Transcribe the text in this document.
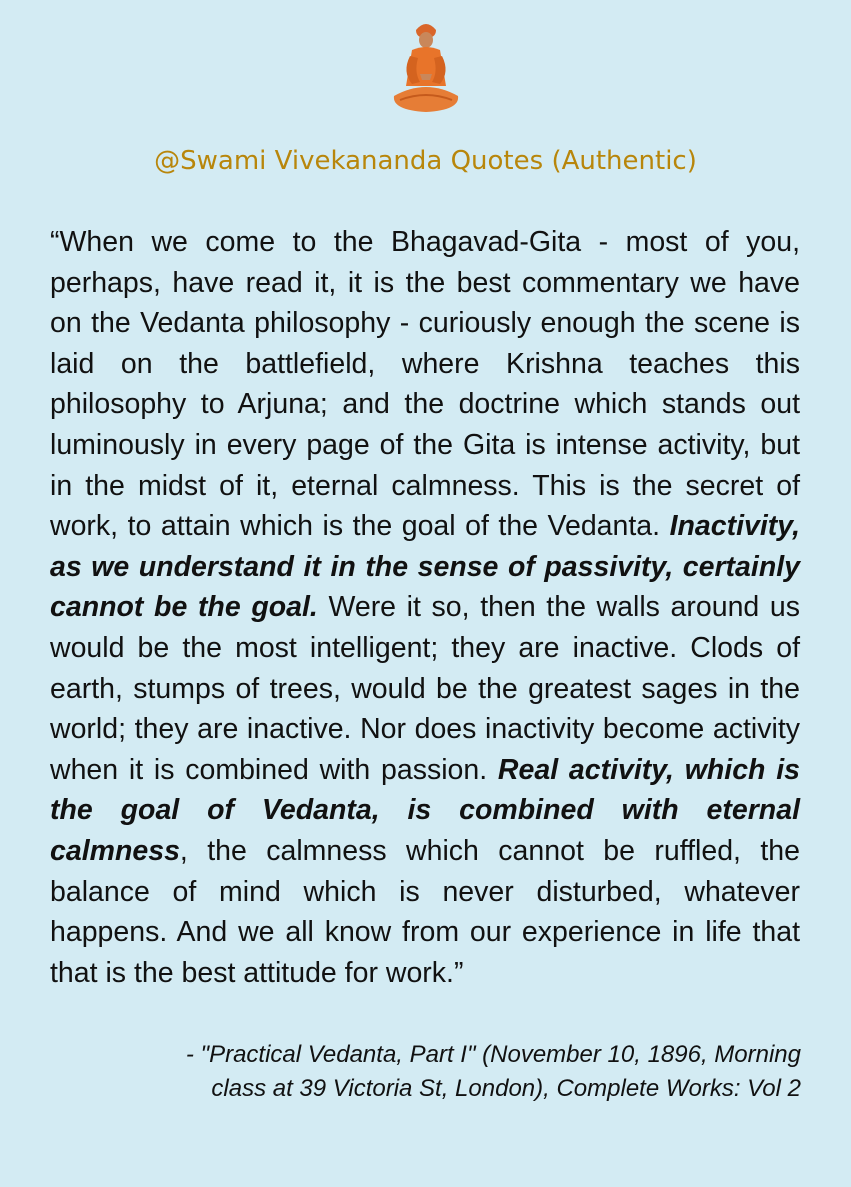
@Swami Vivekananda Quotes (Authentic)

“When we come to the Bhagavad-Gita - most of you, perhaps, have read it, it is the best commentary we have on the Vedanta philosophy - curiously enough the scene is laid on the battlefield, where Krishna teaches this philosophy to Arjuna; and the doctrine which stands out luminously in every page of the Gita is intense activity, but in the midst of it, eternal calmness. This is the secret of work, to attain which is the goal of the Vedanta. Inactivity, as we understand it in the sense of passivity, certainly cannot be the goal. Were it so, then the walls around us would be the most intelligent; they are inactive. Clods of earth, stumps of trees, would be the greatest sages in the world; they are inactive. Nor does inactivity become activity when it is combined with passion. Real activity, which is the goal of Vedanta, is combined with eternal calmness, the calmness which cannot be ruffled, the balance of mind which is never disturbed, whatever happens. And we all know from our experience in life that that is the best attitude for work.”

- "Practical Vedanta, Part I" (November 10, 1896, Morning
class at 39 Victoria St, London), Complete Works: Vol 2
